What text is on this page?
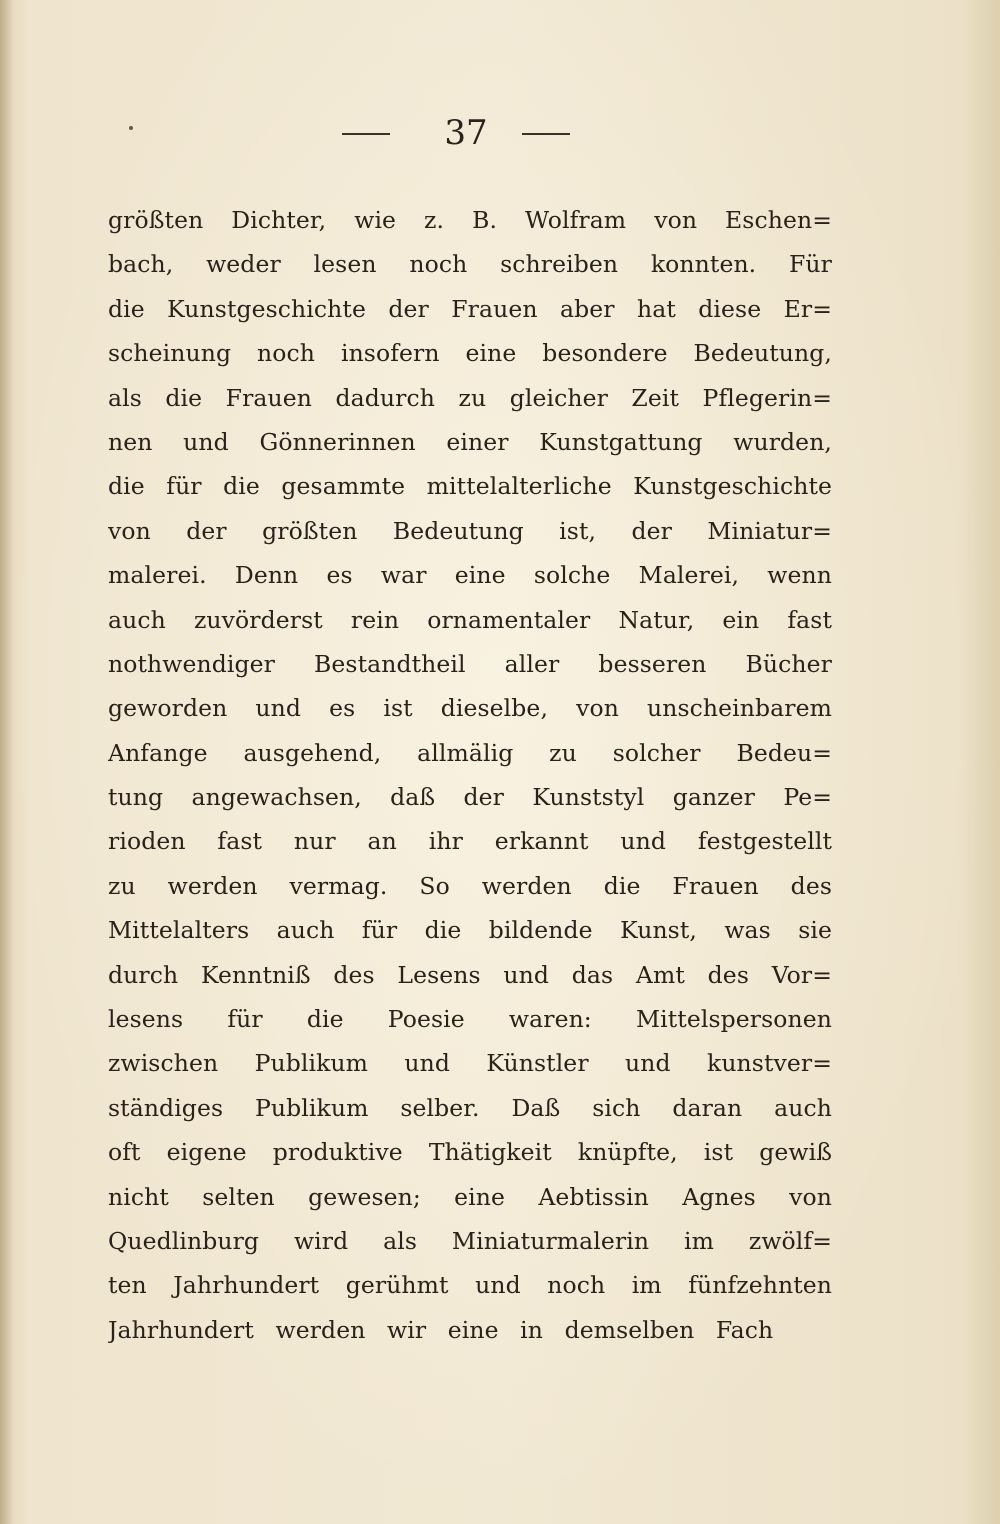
37
größten Dichter, wie z. B. Wolfram von Eschen=
bach, weder lesen noch schreiben konnten. Für
die Kunstgeschichte der Frauen aber hat diese Er=
scheinung noch insofern eine besondere Bedeutung,
als die Frauen dadurch zu gleicher Zeit Pflegerin=
nen und Gönnerinnen einer Kunstgattung wurden,
die für die gesammte mittelalterliche Kunstgeschichte
von der größten Bedeutung ist, der Miniatur=
malerei. Denn es war eine solche Malerei, wenn
auch zuvörderst rein ornamentaler Natur, ein fast
nothwendiger Bestandtheil aller besseren Bücher
geworden und es ist dieselbe, von unscheinbarem
Anfange ausgehend, allmälig zu solcher Bedeu=
tung angewachsen, daß der Kunststyl ganzer Pe=
rioden fast nur an ihr erkannt und festgestellt
zu werden vermag. So werden die Frauen des
Mittelalters auch für die bildende Kunst, was sie
durch Kenntniß des Lesens und das Amt des Vor=
lesens für die Poesie waren: Mittelspersonen
zwischen Publikum und Künstler und kunstver=
ständiges Publikum selber. Daß sich daran auch
oft eigene produktive Thätigkeit knüpfte, ist gewiß
nicht selten gewesen; eine Aebtissin Agnes von
Quedlinburg wird als Miniaturmalerin im zwölf=
ten Jahrhundert gerühmt und noch im fünfzehnten
Jahrhundert werden wir eine in demselben Fach
